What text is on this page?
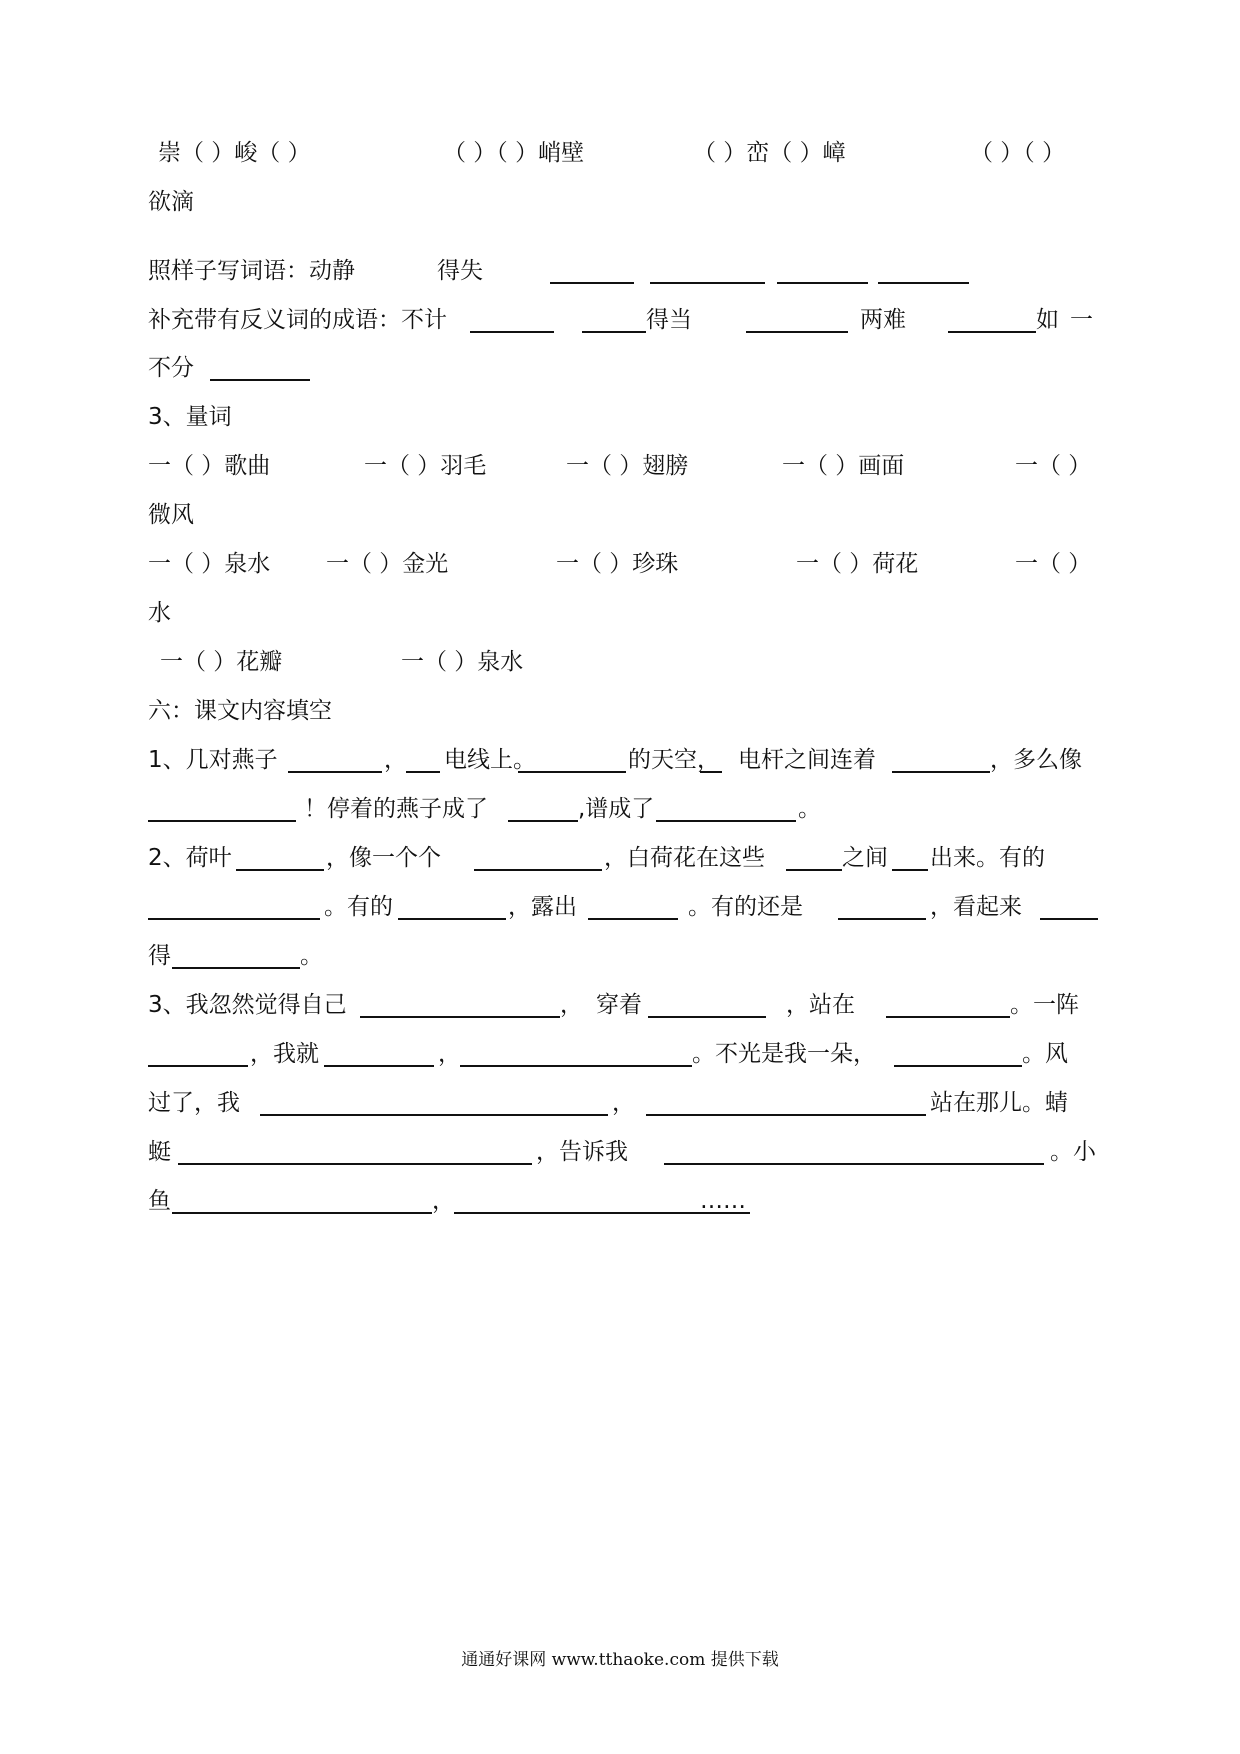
崇（ ）峻（ ）	（ ）（ ）峭壁	（ ）峦（ ）嶂	（ ）（ ）
欲滴
照样子写词语：动静	得失
补充带有反义词的成语：不计	得当	两难	如 一
不分
3、量词
一（ ）歌曲	一（ ）羽毛	一（ ）翅膀	一（ ）画面	一（ ）
微风
一（ ）泉水 一（ ）金光	一（ ）珍珠	一（ ）荷花	一（ ）
水
一（ ）花瓣	一（ ）泉水
六：课文内容填空
1、几对燕子	， 电线上。	的天空， 电杆之间连着	，多么像
！停着的燕子成了	,谱成了	。
2、荷叶	，像一个个	，白荷花在这些	之间 出来。有的
。有的	，露出	。有的还是	，看起来
得	。
3、我忽然觉得自己	， 穿着	，站在	。一阵
，我就	，	。不光是我一朵，	。风
过了，我	，	站在那儿。蜻
蜓	，告诉我	。小
鱼	，	……
通通好课网 www.tthaoke.com 提供下载
